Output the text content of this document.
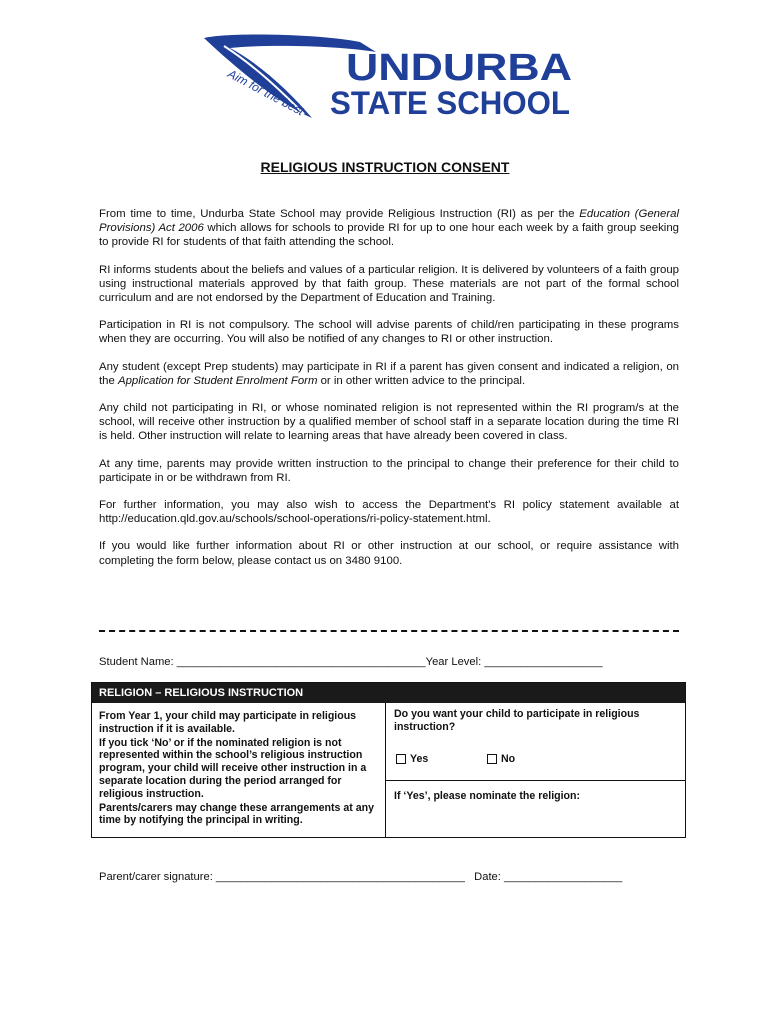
Aim for the best UNDURBA
STATE SCHOOL
RELIGIOUS INSTRUCTION CONSENT

From time to time, Undurba State School may provide Religious Instruction (RI) as per the Education (General Provisions) Act 2006 which allows for schools to provide RI for up to one hour each week by a faith group seeking to provide RI for students of that faith attending the school.

RI informs students about the beliefs and values of a particular religion. It is delivered by volunteers of a faith group using instructional materials approved by that faith group. These materials are not part of the formal school curriculum and are not endorsed by the Department of Education and Training.

Participation in RI is not compulsory. The school will advise parents of child/ren participating in these programs when they are occurring. You will also be notified of any changes to RI or other instruction.

Any student (except Prep students) may participate in RI if a parent has given consent and indicated a religion, on the Application for Student Enrolment Form or in other written advice to the principal.

Any child not participating in RI, or whose nominated religion is not represented within the RI program/s at the school, will receive other instruction by a qualified member of school staff in a separate location during the time RI is held. Other instruction will relate to learning areas that have already been covered in class.

At any time, parents may provide written instruction to the principal to change their preference for their child to participate in or be withdrawn from RI.

For further information, you may also wish to access the Department's RI policy statement available at http://education.qld.gov.au/schools/school-operations/ri-policy-statement.html.

If you would like further information about RI or other instruction at our school, or require assistance with completing the form below, please contact us on 3480 9100.

Student Name: ________________________________________Year Level: ___________________
RELIGION – RELIGIOUS INSTRUCTION
From Year 1, your child may participate in religious instruction if it is available.
If you tick ‘No’ or if the nominated religion is not represented within the school’s religious instruction program, your child will receive other instruction in a separate location during the period arranged for religious instruction.
Parents/carers may change these arrangements at any time by notifying the principal in writing.
Do you want your child to participate in religious instruction?
Yes	No
If ‘Yes’, please nominate the religion:
Parent/carer signature: ________________________________________ Date: ___________________
